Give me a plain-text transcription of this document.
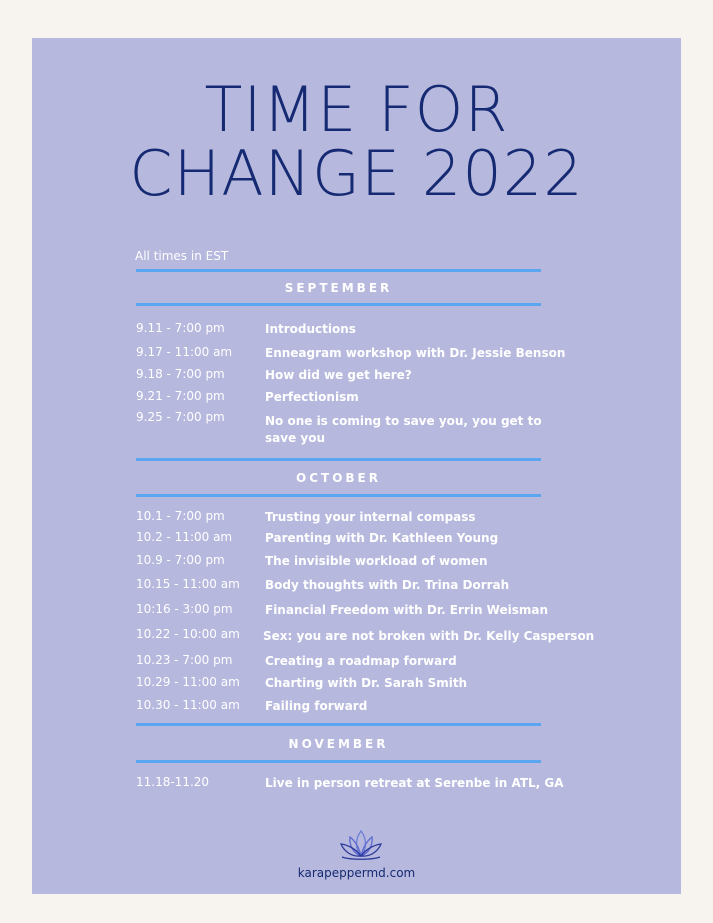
TIME FOR
CHANGE 2022
All times in EST
SEPTEMBER
9.11 - 7:00 pm	Introductions
9.17 - 11:00 am	Enneagram workshop with Dr. Jessie Benson
9.18 - 7:00 pm	How did we get here?
9.21 - 7:00 pm	Perfectionism
9.25 - 7:00 pm	No one is coming to save you, you get to save you
OCTOBER
10.1 - 7:00 pm	Trusting your internal compass
10.2 - 11:00 am	Parenting with Dr. Kathleen Young
10.9 - 7:00 pm	The invisible workload of women
10.15 - 11:00 am Body thoughts with Dr. Trina Dorrah
10:16 - 3:00 pm	Financial Freedom with Dr. Errin Weisman
10.22 - 10:00 am Sex: you are not broken with Dr. Kelly Casperson
10.23 - 7:00 pm	Creating a roadmap forward
10.29 - 11:00 am Charting with Dr. Sarah Smith
10.30 - 11:00 am Failing forward
NOVEMBER
11.18-11.20	Live in person retreat at Serenbe in ATL, GA
karapeppermd.com
